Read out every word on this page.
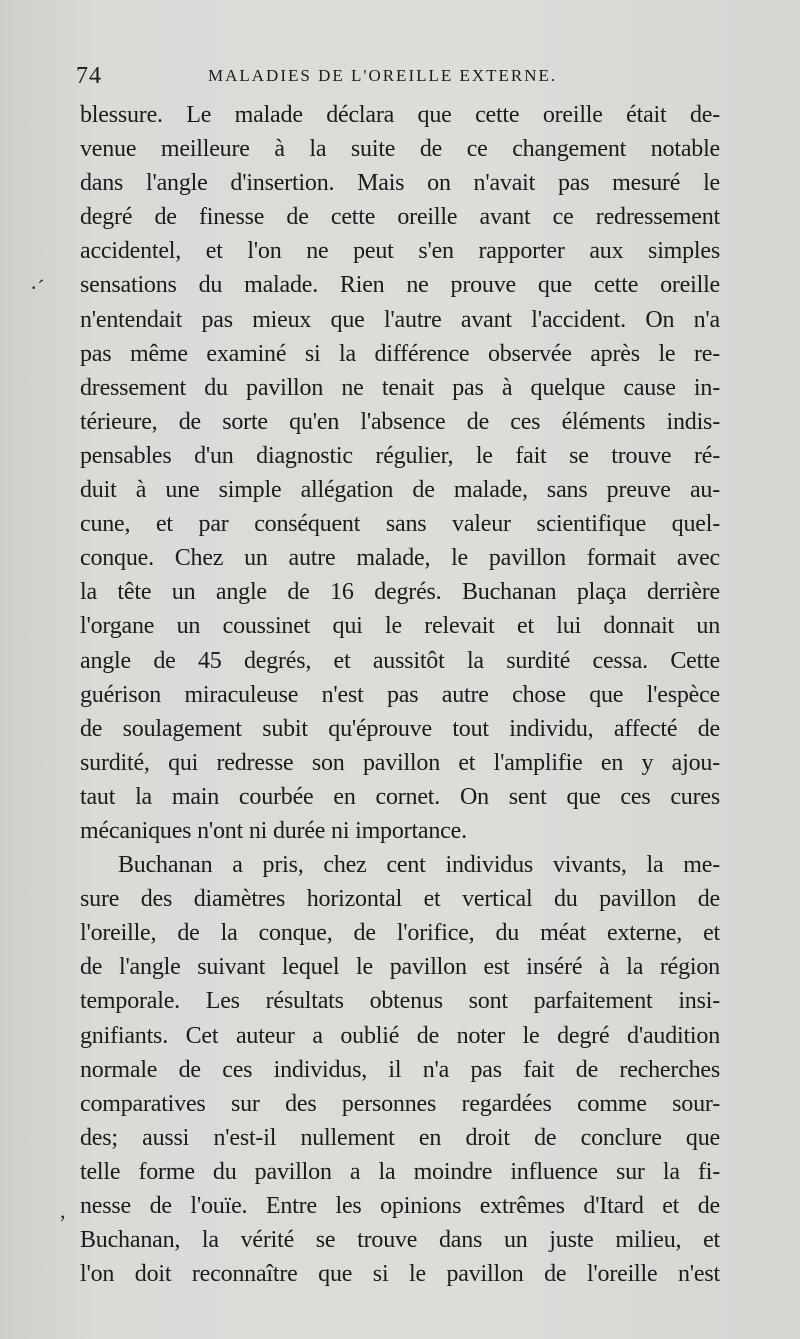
74	MALADIES DE L'OREILLE EXTERNE.
·´
,
blessure. Le malade déclara que cette oreille était de-
venue meilleure à la suite de ce changement notable
dans l'angle d'insertion. Mais on n'avait pas mesuré le
degré de finesse de cette oreille avant ce redressement
accidentel, et l'on ne peut s'en rapporter aux simples
sensations du malade. Rien ne prouve que cette oreille
n'entendait pas mieux que l'autre avant l'accident. On n'a
pas même examiné si la différence observée après le re-
dressement du pavillon ne tenait pas à quelque cause in-
térieure, de sorte qu'en l'absence de ces éléments indis-
pensables d'un diagnostic régulier, le fait se trouve ré-
duit à une simple allégation de malade, sans preuve au-
cune, et par conséquent sans valeur scientifique quel-
conque. Chez un autre malade, le pavillon formait avec
la tête un angle de 16 degrés. Buchanan plaça derrière
l'organe un coussinet qui le relevait et lui donnait un
angle de 45 degrés, et aussitôt la surdité cessa. Cette
guérison miraculeuse n'est pas autre chose que l'espèce
de soulagement subit qu'éprouve tout individu, affecté de
surdité, qui redresse son pavillon et l'amplifie en y ajou-
taut la main courbée en cornet. On sent que ces cures
mécaniques n'ont ni durée ni importance.
Buchanan a pris, chez cent individus vivants, la me-
sure des diamètres horizontal et vertical du pavillon de
l'oreille, de la conque, de l'orifice, du méat externe, et
de l'angle suivant lequel le pavillon est inséré à la région
temporale. Les résultats obtenus sont parfaitement insi-
gnifiants. Cet auteur a oublié de noter le degré d'audition
normale de ces individus, il n'a pas fait de recherches
comparatives sur des personnes regardées comme sour-
des; aussi n'est-il nullement en droit de conclure que
telle forme du pavillon a la moindre influence sur la fi-
nesse de l'ouïe. Entre les opinions extrêmes d'Itard et de
Buchanan, la vérité se trouve dans un juste milieu, et
l'on doit reconnaître que si le pavillon de l'oreille n'est
